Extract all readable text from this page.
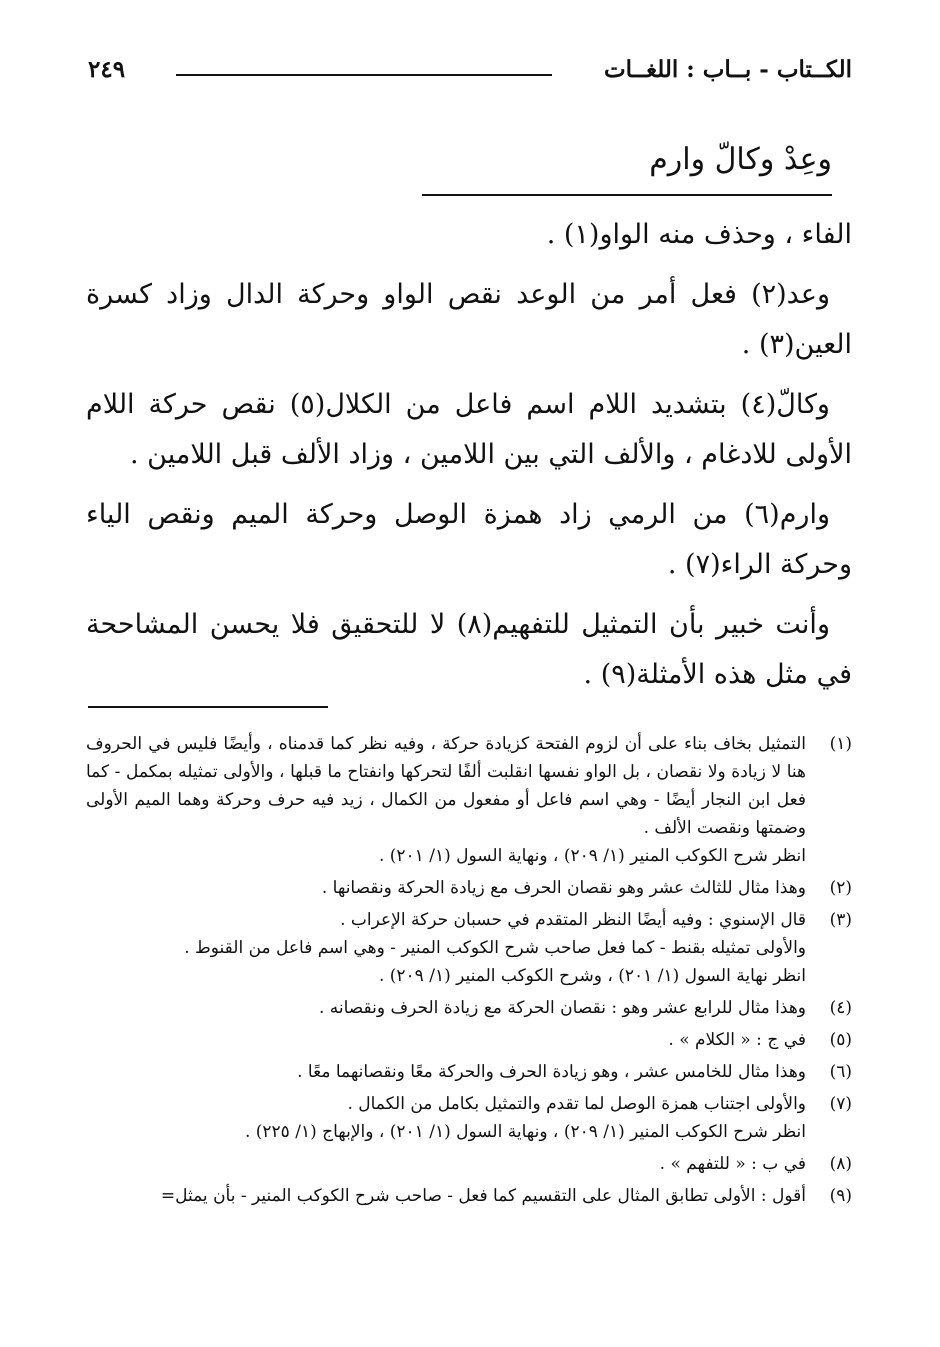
الكــتاب - بــاب : اللغــات
٢٤٩
وعِدْ وكالّ وارم

الفاء ، وحذف منه الواو(١) .

وعد(٢) فعل أمر من الوعد نقص الواو وحركة الدال وزاد كسرة العين(٣) .

وكالّ(٤) بتشديد اللام اسم فاعل من الكلال(٥) نقص حركة اللام الأولى للادغام ، والألف التي بين اللامين ، وزاد الألف قبل اللامين .

وارم(٦) من الرمي زاد همزة الوصل وحركة الميم ونقص الياء وحركة الراء(٧) .

وأنت خبير بأن التمثيل للتفهيم(٨) لا للتحقيق فلا يحسن المشاححة في مثل هذه الأمثلة(٩) .

(١)
التمثيل بخاف بناء على أن لزوم الفتحة كزيادة حركة ، وفيه نظر كما قدمناه ، وأيضًا فليس في الحروف هنا لا زيادة ولا نقصان ، بل الواو نفسها انقلبت ألفًا لتحركها وانفتاح ما قبلها ، والأولى تمثيله بمكمل - كما فعل ابن النجار أيضًا - وهي اسم فاعل أو مفعول من الكمال ، زيد فيه حرف وحركة وهما الميم الأولى وضمتها ونقصت الألف .
انظر شرح الكوكب المنير (١/ ٢٠٩) ، ونهاية السول (١/ ٢٠١) .
(٢)
وهذا مثال للثالث عشر وهو نقصان الحرف مع زيادة الحركة ونقصانها .
(٣)
قال الإسنوي : وفيه أيضًا النظر المتقدم في حسبان حركة الإعراب .
والأولى تمثيله بقنط - كما فعل صاحب شرح الكوكب المنير - وهي اسم فاعل من القنوط .
انظر نهاية السول (١/ ٢٠١) ، وشرح الكوكب المنير (١/ ٢٠٩) .
(٤)
وهذا مثال للرابع عشر وهو : نقصان الحركة مع زيادة الحرف ونقصانه .
(٥)
في ج : « الكلام » .
(٦)
وهذا مثال للخامس عشر ، وهو زيادة الحرف والحركة معًا ونقصانهما معًا .
(٧)
والأولى اجتناب همزة الوصل لما تقدم والتمثيل بكامل من الكمال .
انظر شرح الكوكب المنير (١/ ٢٠٩) ، ونهاية السول (١/ ٢٠١) ، والإبهاج (١/ ٢٢٥) .
(٨)
في ب : « للتفهم » .
(٩)
أقول : الأولى تطابق المثال على التقسيم كما فعل - صاحب شرح الكوكب المنير - بأن يمثل=
